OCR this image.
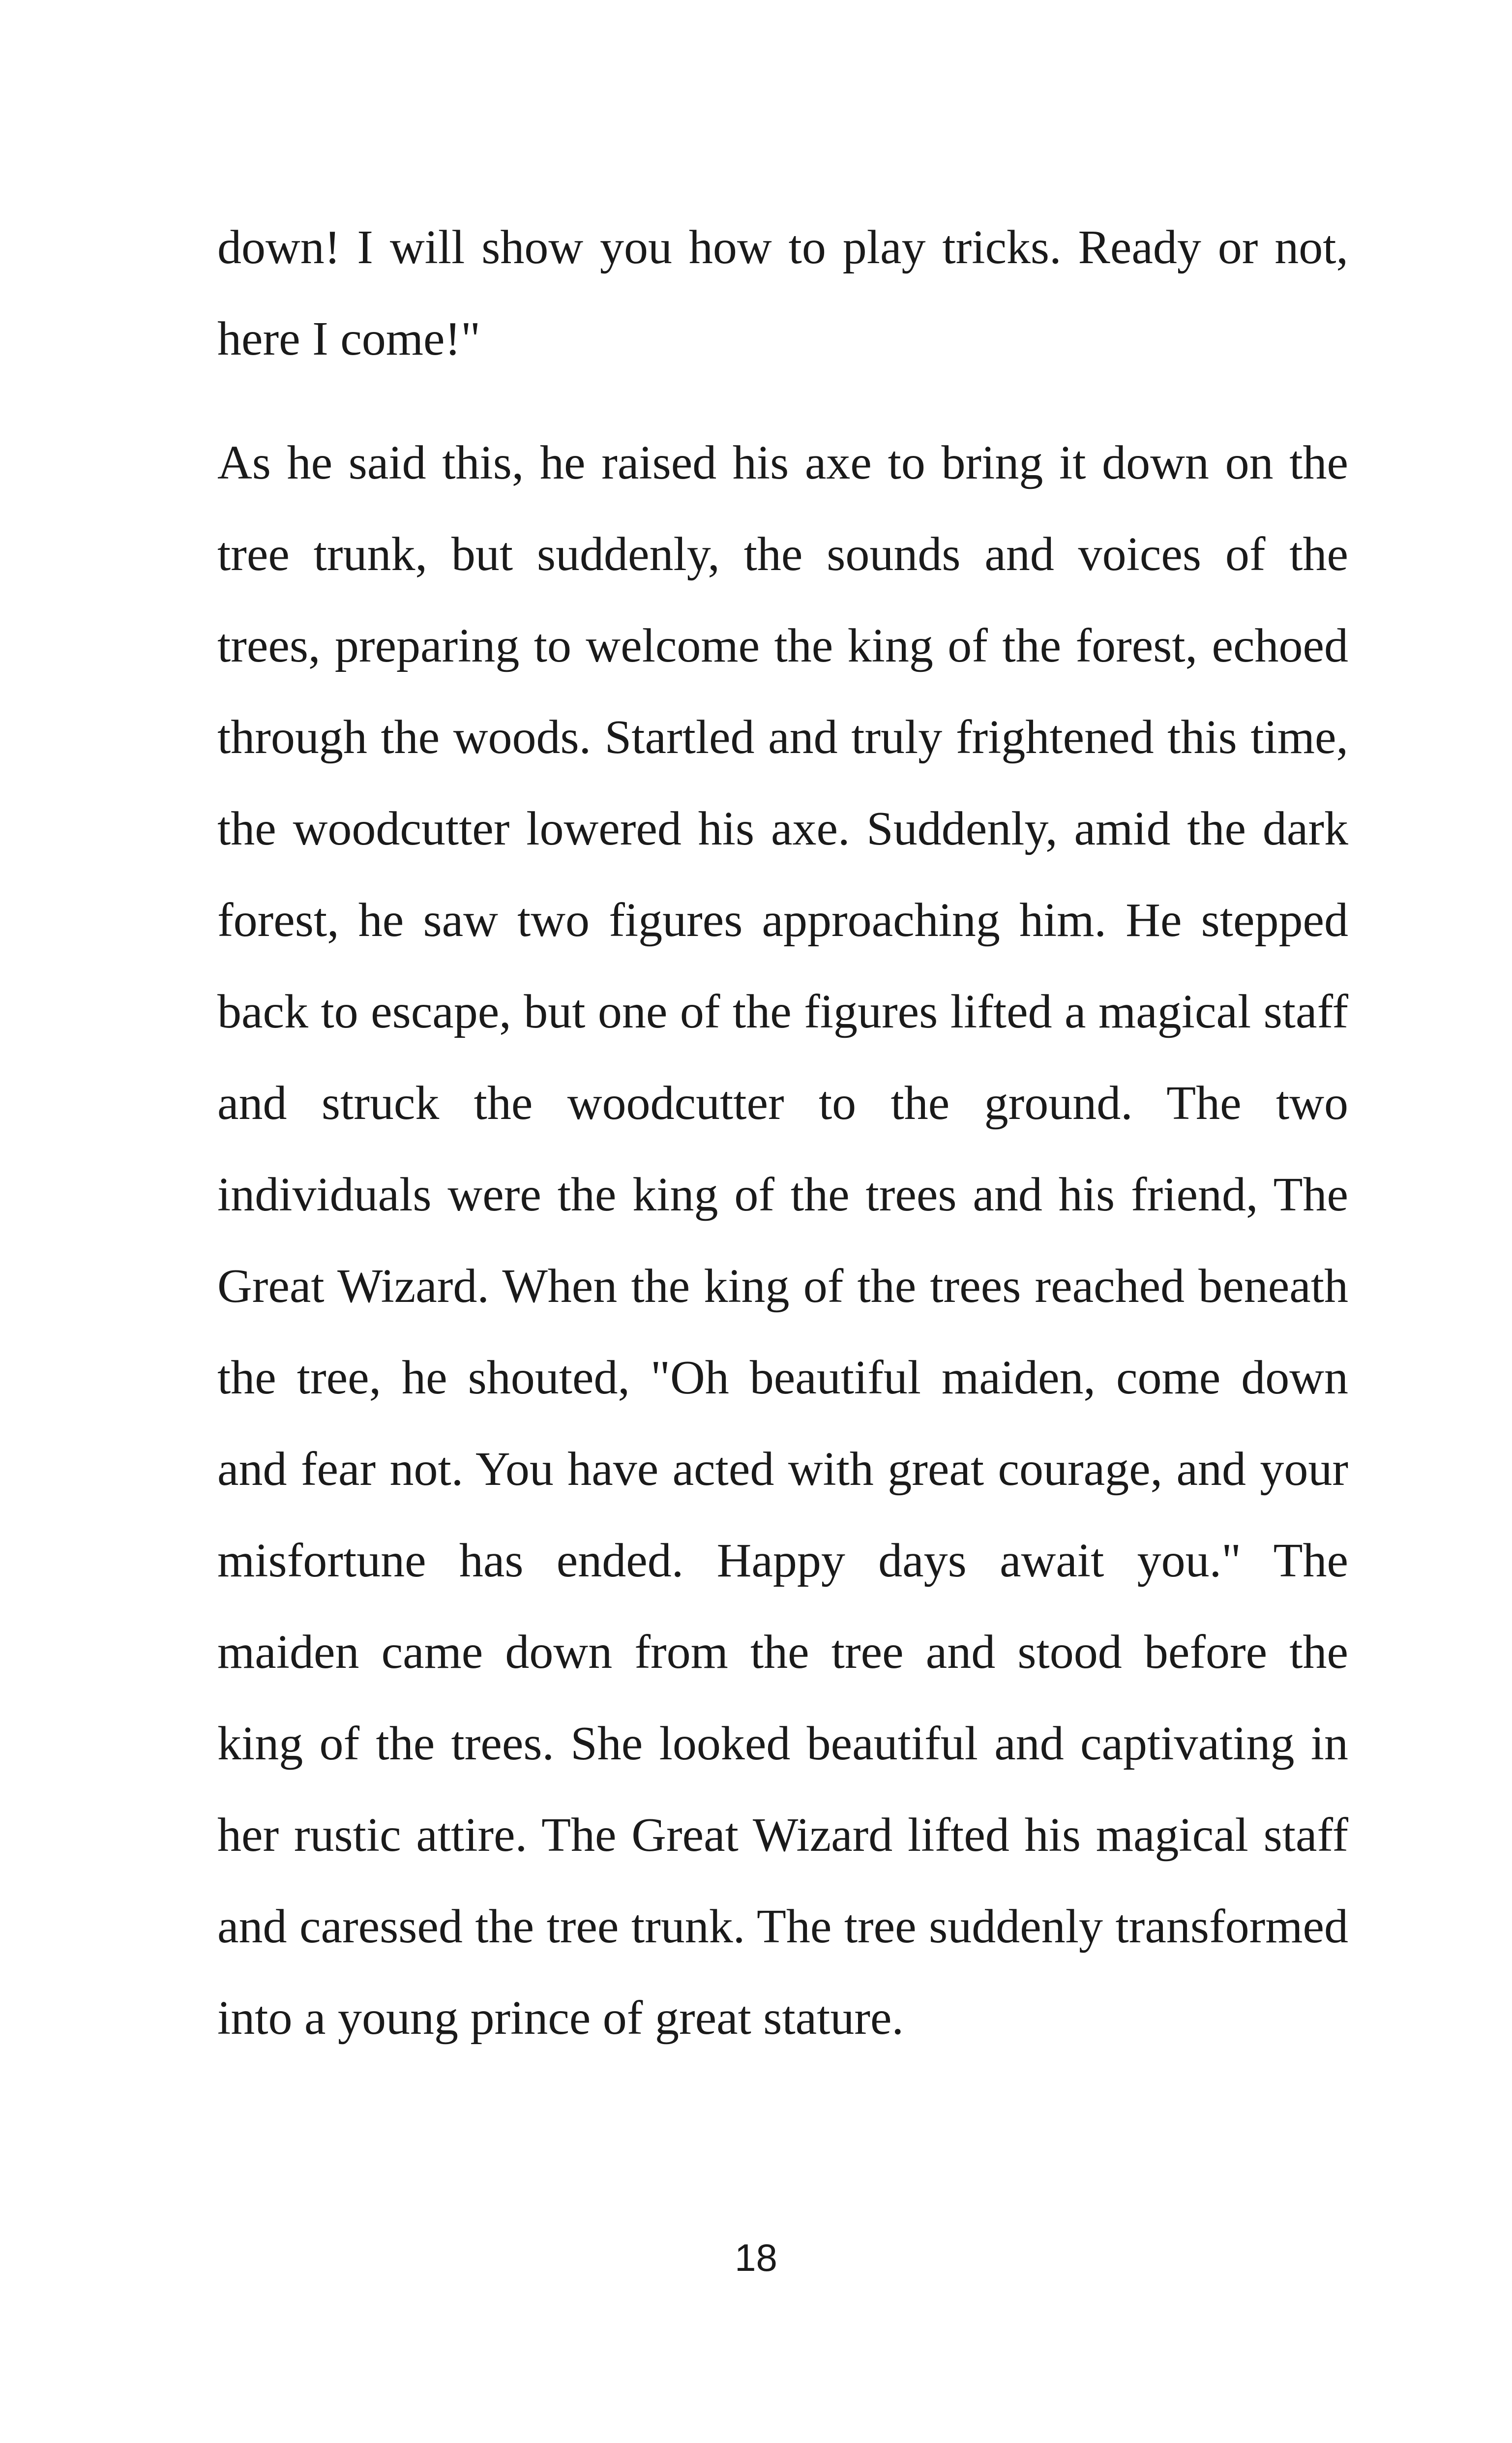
down! I will show you how to play tricks. Ready or not, here I come!"

As he said this, he raised his axe to bring it down on the tree trunk, but suddenly, the sounds and voices of the trees, preparing to welcome the king of the forest, echoed through the woods. Startled and truly frightened this time, the woodcutter lowered his axe. Suddenly, amid the dark forest, he saw two figures approaching him. He stepped back to escape, but one of the figures lifted a magical staff and struck the woodcutter to the ground. The two individuals were the king of the trees and his friend, The Great Wizard. When the king of the trees reached beneath the tree, he shouted, "Oh beautiful maiden, come down and fear not. You have acted with great courage, and your misfortune has ended. Happy days await you." The maiden came down from the tree and stood before the king of the trees. She looked beautiful and captivating in her rustic attire. The Great Wizard lifted his magical staff and caressed the tree trunk. The tree suddenly transformed into a young prince of great stature.

18
